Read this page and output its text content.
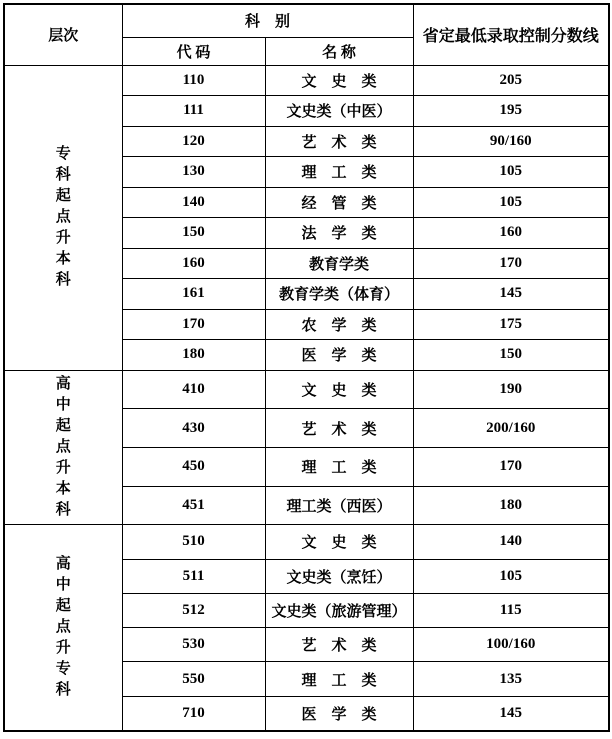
层次	科　别		省定最低录取控制分数线
	代 码	名 称	

专科起点升本科	110	文　史　类	205
	111	文史类（中医）	195
	120	艺　术　类	90/160
	130	理　工　类	105
	140	经　管　类	105
	150	法　学　类	160
	160	教育学类	170
	161	教育学类（体育）	145
	170	农　学　类	175
	180	医　学　类	150

高中起点升本科	410	文　史　类	190
	430	艺　术　类	200/160
	450	理　工　类	170
	451	理工类（西医）	180

高中起点升专科	510	文　史　类	140
	511	文史类（烹饪）	105
	512	文史类（旅游管理）	115
	530	艺　术　类	100/160
	550	理　工　类	135
	710	医　学　类	145
